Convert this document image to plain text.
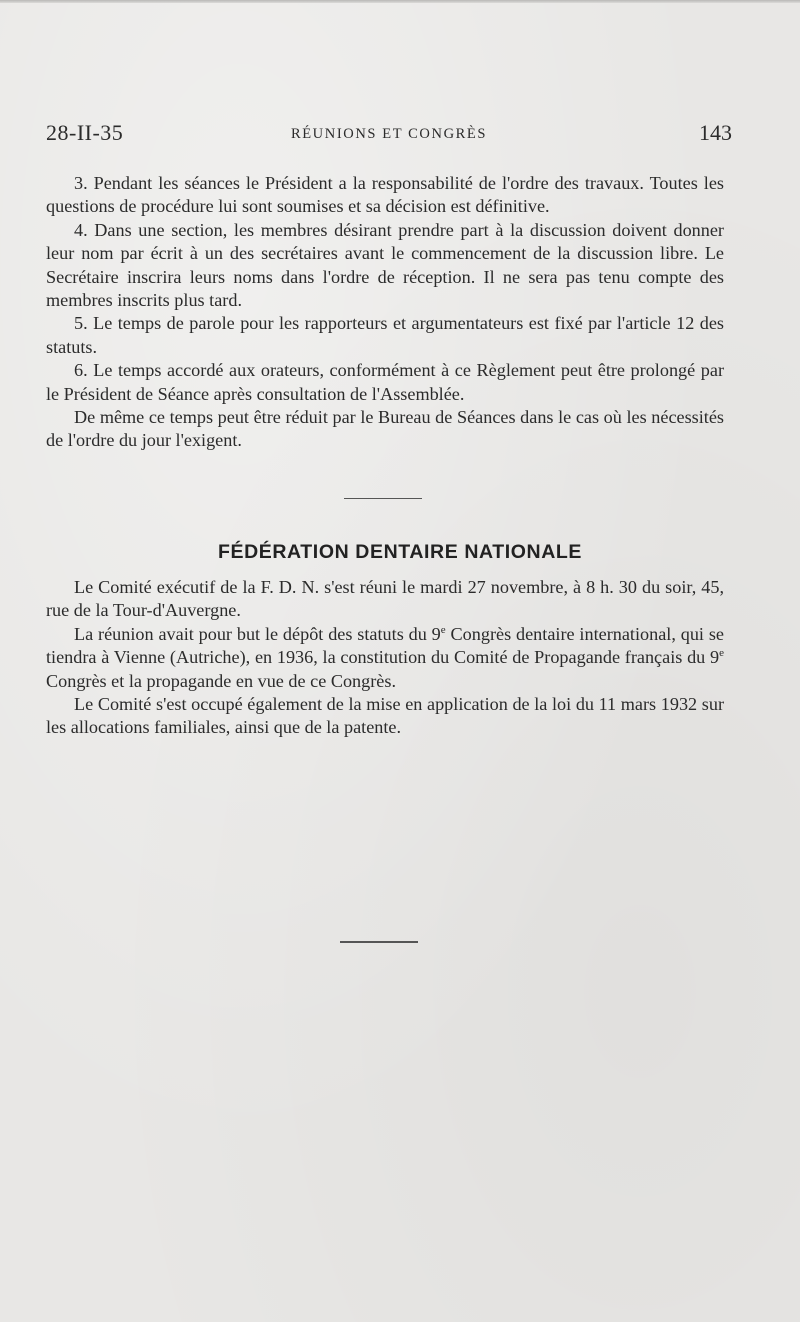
28-II-35	RÉUNIONS ET CONGRÈS	143

3. Pendant les séances le Président a la responsabilité de l'ordre des travaux. Toutes les questions de procédure lui sont soumises et sa décision est définitive.

4. Dans une section, les membres désirant prendre part à la discussion doivent donner leur nom par écrit à un des secrétaires avant le commencement de la discussion libre. Le Secrétaire inscrira leurs noms dans l'ordre de réception. Il ne sera pas tenu compte des membres inscrits plus tard.

5. Le temps de parole pour les rapporteurs et argumentateurs est fixé par l'article 12 des statuts.

6. Le temps accordé aux orateurs, conformément à ce Règlement peut être prolongé par le Président de Séance après consultation de l'Assemblée.

De même ce temps peut être réduit par le Bureau de Séances dans le cas où les nécessités de l'ordre du jour l'exigent.

FÉDÉRATION DENTAIRE NATIONALE

Le Comité exécutif de la F. D. N. s'est réuni le mardi 27 novembre, à 8 h. 30 du soir, 45, rue de la Tour-d'Auvergne.

La réunion avait pour but le dépôt des statuts du 9e Congrès dentaire international, qui se tiendra à Vienne (Autriche), en 1936, la constitution du Comité de Propagande français du 9e Congrès et la propagande en vue de ce Congrès.

Le Comité s'est occupé également de la mise en application de la loi du 11 mars 1932 sur les allocations familiales, ainsi que de la patente.
